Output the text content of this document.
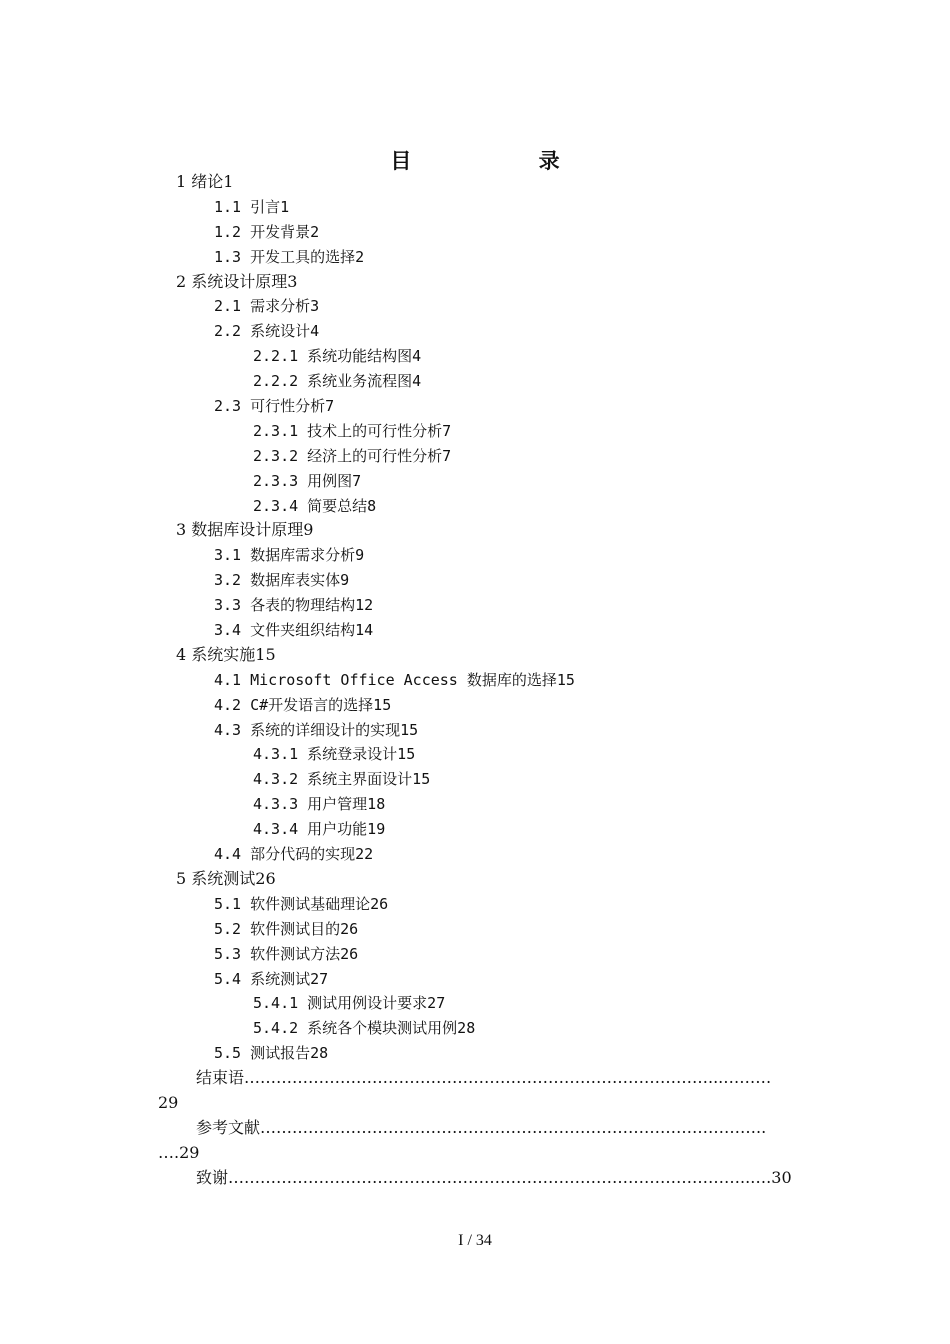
目 录
1 绪论1
1.1 引言1
1.2 开发背景2
1.3 开发工具的选择2
2 系统设计原理3
2.1 需求分析3
2.2 系统设计4
2.2.1 系统功能结构图4
2.2.2 系统业务流程图4
2.3 可行性分析7
2.3.1 技术上的可行性分析7
2.3.2 经济上的可行性分析7
2.3.3 用例图7
2.3.4 简要总结8
3 数据库设计原理9
3.1 数据库需求分析9
3.2 数据库表实体9
3.3 各表的物理结构12
3.4 文件夹组织结构14
4 系统实施15
4.1 Microsoft Office Access 数据库的选择15
4.2 C#开发语言的选择15
4.3 系统的详细设计的实现15
4.3.1 系统登录设计15
4.3.2 系统主界面设计15
4.3.3 用户管理18
4.3.4 用户功能19
4.4 部分代码的实现22
5 系统测试26
5.1 软件测试基础理论26
5.2 软件测试目的26
5.3 软件测试方法26
5.4 系统测试27
5.4.1 测试用例设计要求27
5.4.2 系统各个模块测试用例28
5.5 测试报告28
结束语……………………………………………………………………………...………
29
参考文献…………………………………………………………………………………..
….29
致谢……………………………………………………………………………………..….30
I / 34
